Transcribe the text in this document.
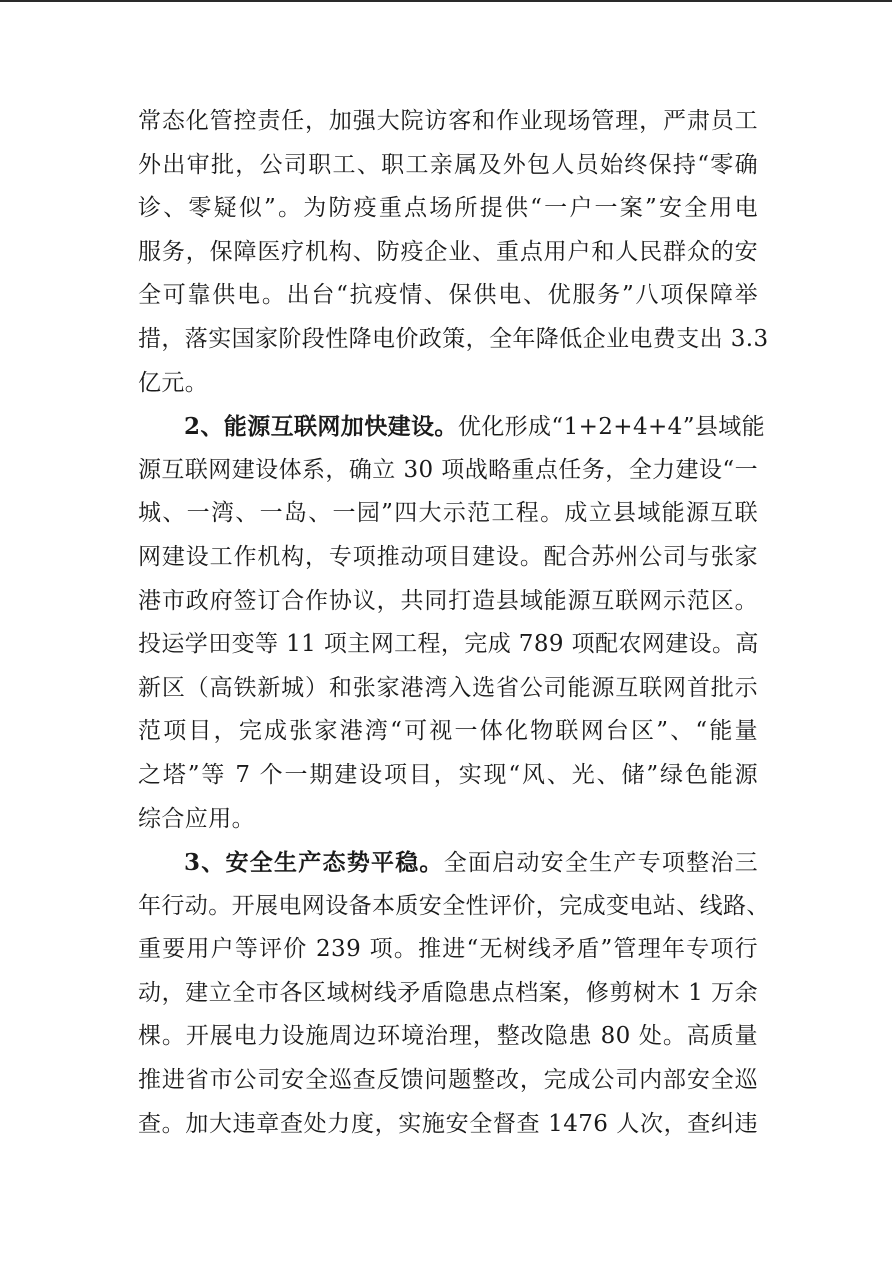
常态化管控责任，加强大院访客和作业现场管理，严肃员工
外出审批，公司职工、职工亲属及外包人员始终保持“零确
诊、零疑似”。为防疫重点场所提供“一户一案”安全用电
服务，保障医疗机构、防疫企业、重点用户和人民群众的安
全可靠供电。出台“抗疫情、保供电、优服务”八项保障举
措，落实国家阶段性降电价政策，全年降低企业电费支出 3.3
亿元。
2、能源互联网加快建设。优化形成“1+2+4+4”县域能
源互联网建设体系，确立 30 项战略重点任务，全力建设“一
城、一湾、一岛、一园”四大示范工程。成立县域能源互联
网建设工作机构，专项推动项目建设。配合苏州公司与张家
港市政府签订合作协议，共同打造县域能源互联网示范区。
投运学田变等 11 项主网工程，完成 789 项配农网建设。高
新区（高铁新城）和张家港湾入选省公司能源互联网首批示
范项目，完成张家港湾“可视一体化物联网台区”、“能量
之塔”等 7 个一期建设项目，实现“风、光、储”绿色能源
综合应用。
3、安全生产态势平稳。全面启动安全生产专项整治三
年行动。开展电网设备本质安全性评价，完成变电站、线路、
重要用户等评价 239 项。推进“无树线矛盾”管理年专项行
动，建立全市各区域树线矛盾隐患点档案，修剪树木 1 万余
棵。开展电力设施周边环境治理，整改隐患 80 处。高质量
推进省市公司安全巡查反馈问题整改，完成公司内部安全巡
查。加大违章查处力度，实施安全督查 1476 人次，查纠违
